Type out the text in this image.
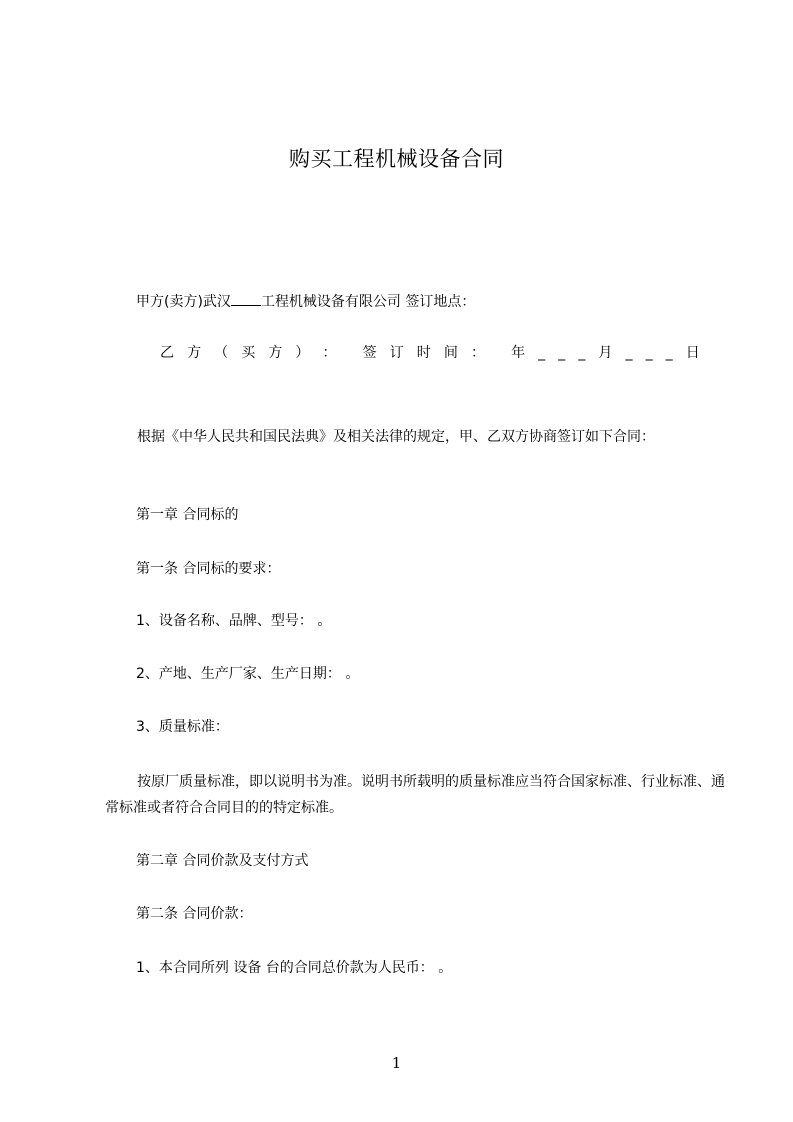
购买工程机械设备合同
甲方(卖方)武汉 工程机械设备有限公司 签订地点：
乙 方 （ 买 方 ） ： 签 订 时 间 ： 年 _ _ _ 月 _ _ _ 日
根据《中华人民共和国民法典》及相关法律的规定，甲、乙双方协商签订如下合同：
第一章 合同标的
第一条 合同标的要求：
1、设备名称、品牌、型号： 。
2、产地、生产厂家、生产日期： 。
3、质量标准：
按原厂质量标准，即以说明书为准。说明书所载明的质量标准应当符合国家标准、行业标准、通常标准或者符合合同目的的特定标准。
第二章 合同价款及支付方式
第二条 合同价款：
1、本合同所列 设备 台的合同总价款为人民币： 。
1
